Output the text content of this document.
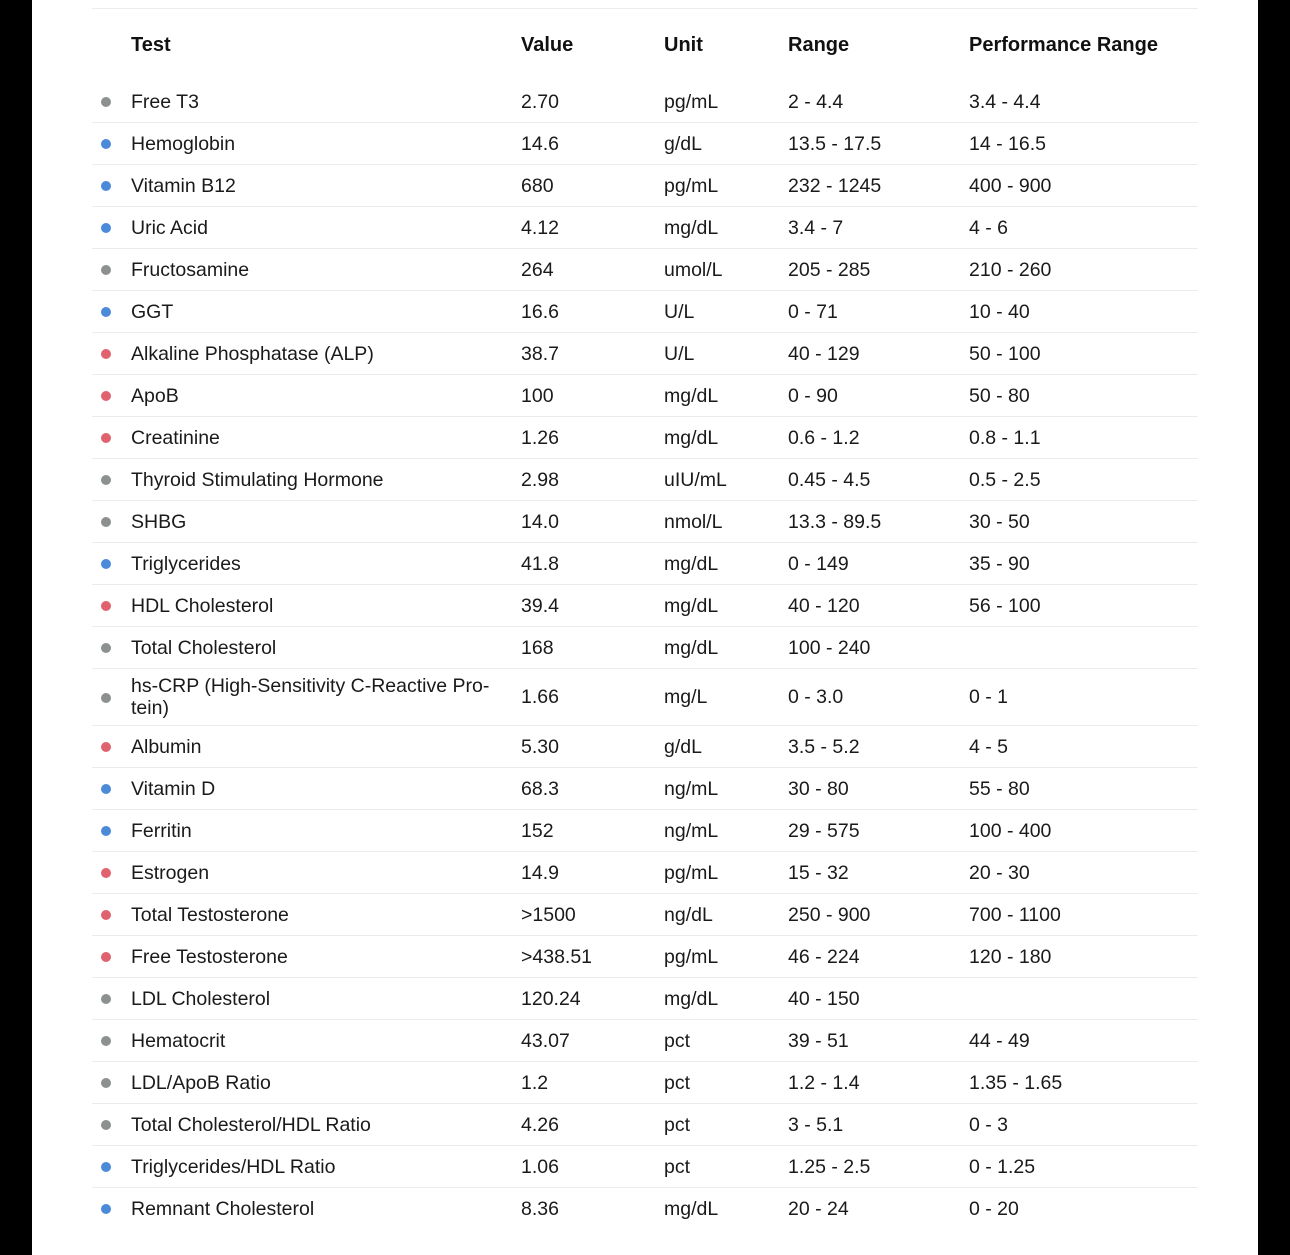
	Test	Value	Unit	Range	Performance Range
	Free T3	2.70	pg/mL	2 - 4.4	3.4 - 4.4
	Hemoglobin	14.6	g/dL	13.5 - 17.5	14 - 16.5
	Vitamin B12	680	pg/mL	232 - 1245	400 - 900
	Uric Acid	4.12	mg/dL	3.4 - 7	4 - 6
	Fructosamine	264	umol/L	205 - 285	210 - 260
	GGT	16.6	U/L	0 - 71	10 - 40
	Alkaline Phosphatase (ALP)	38.7	U/L	40 - 129	50 - 100
	ApoB	100	mg/dL	0 - 90	50 - 80
	Creatinine	1.26	mg/dL	0.6 - 1.2	0.8 - 1.1
	Thyroid Stimulating Hormone	2.98	uIU/mL	0.45 - 4.5	0.5 - 2.5
	SHBG	14.0	nmol/L	13.3 - 89.5	30 - 50
	Triglycerides	41.8	mg/dL	0 - 149	35 - 90
	HDL Cholesterol	39.4	mg/dL	40 - 120	56 - 100
	Total Cholesterol	168	mg/dL	100 - 240	
	hs-CRP (High-Sensitivity C-Reactive Pro-tein)	1.66	mg/L	0 - 3.0	0 - 1
	Albumin	5.30	g/dL	3.5 - 5.2	4 - 5
	Vitamin D	68.3	ng/mL	30 - 80	55 - 80
	Ferritin	152	ng/mL	29 - 575	100 - 400
	Estrogen	14.9	pg/mL	15 - 32	20 - 30
	Total Testosterone	>1500	ng/dL	250 - 900	700 - 1100
	Free Testosterone	>438.51	pg/mL	46 - 224	120 - 180
	LDL Cholesterol	120.24	mg/dL	40 - 150	
	Hematocrit	43.07	pct	39 - 51	44 - 49
	LDL/ApoB Ratio	1.2	pct	1.2 - 1.4	1.35 - 1.65
	Total Cholesterol/HDL Ratio	4.26	pct	3 - 5.1	0 - 3
	Triglycerides/HDL Ratio	1.06	pct	1.25 - 2.5	0 - 1.25
	Remnant Cholesterol	8.36	mg/dL	20 - 24	0 - 20
